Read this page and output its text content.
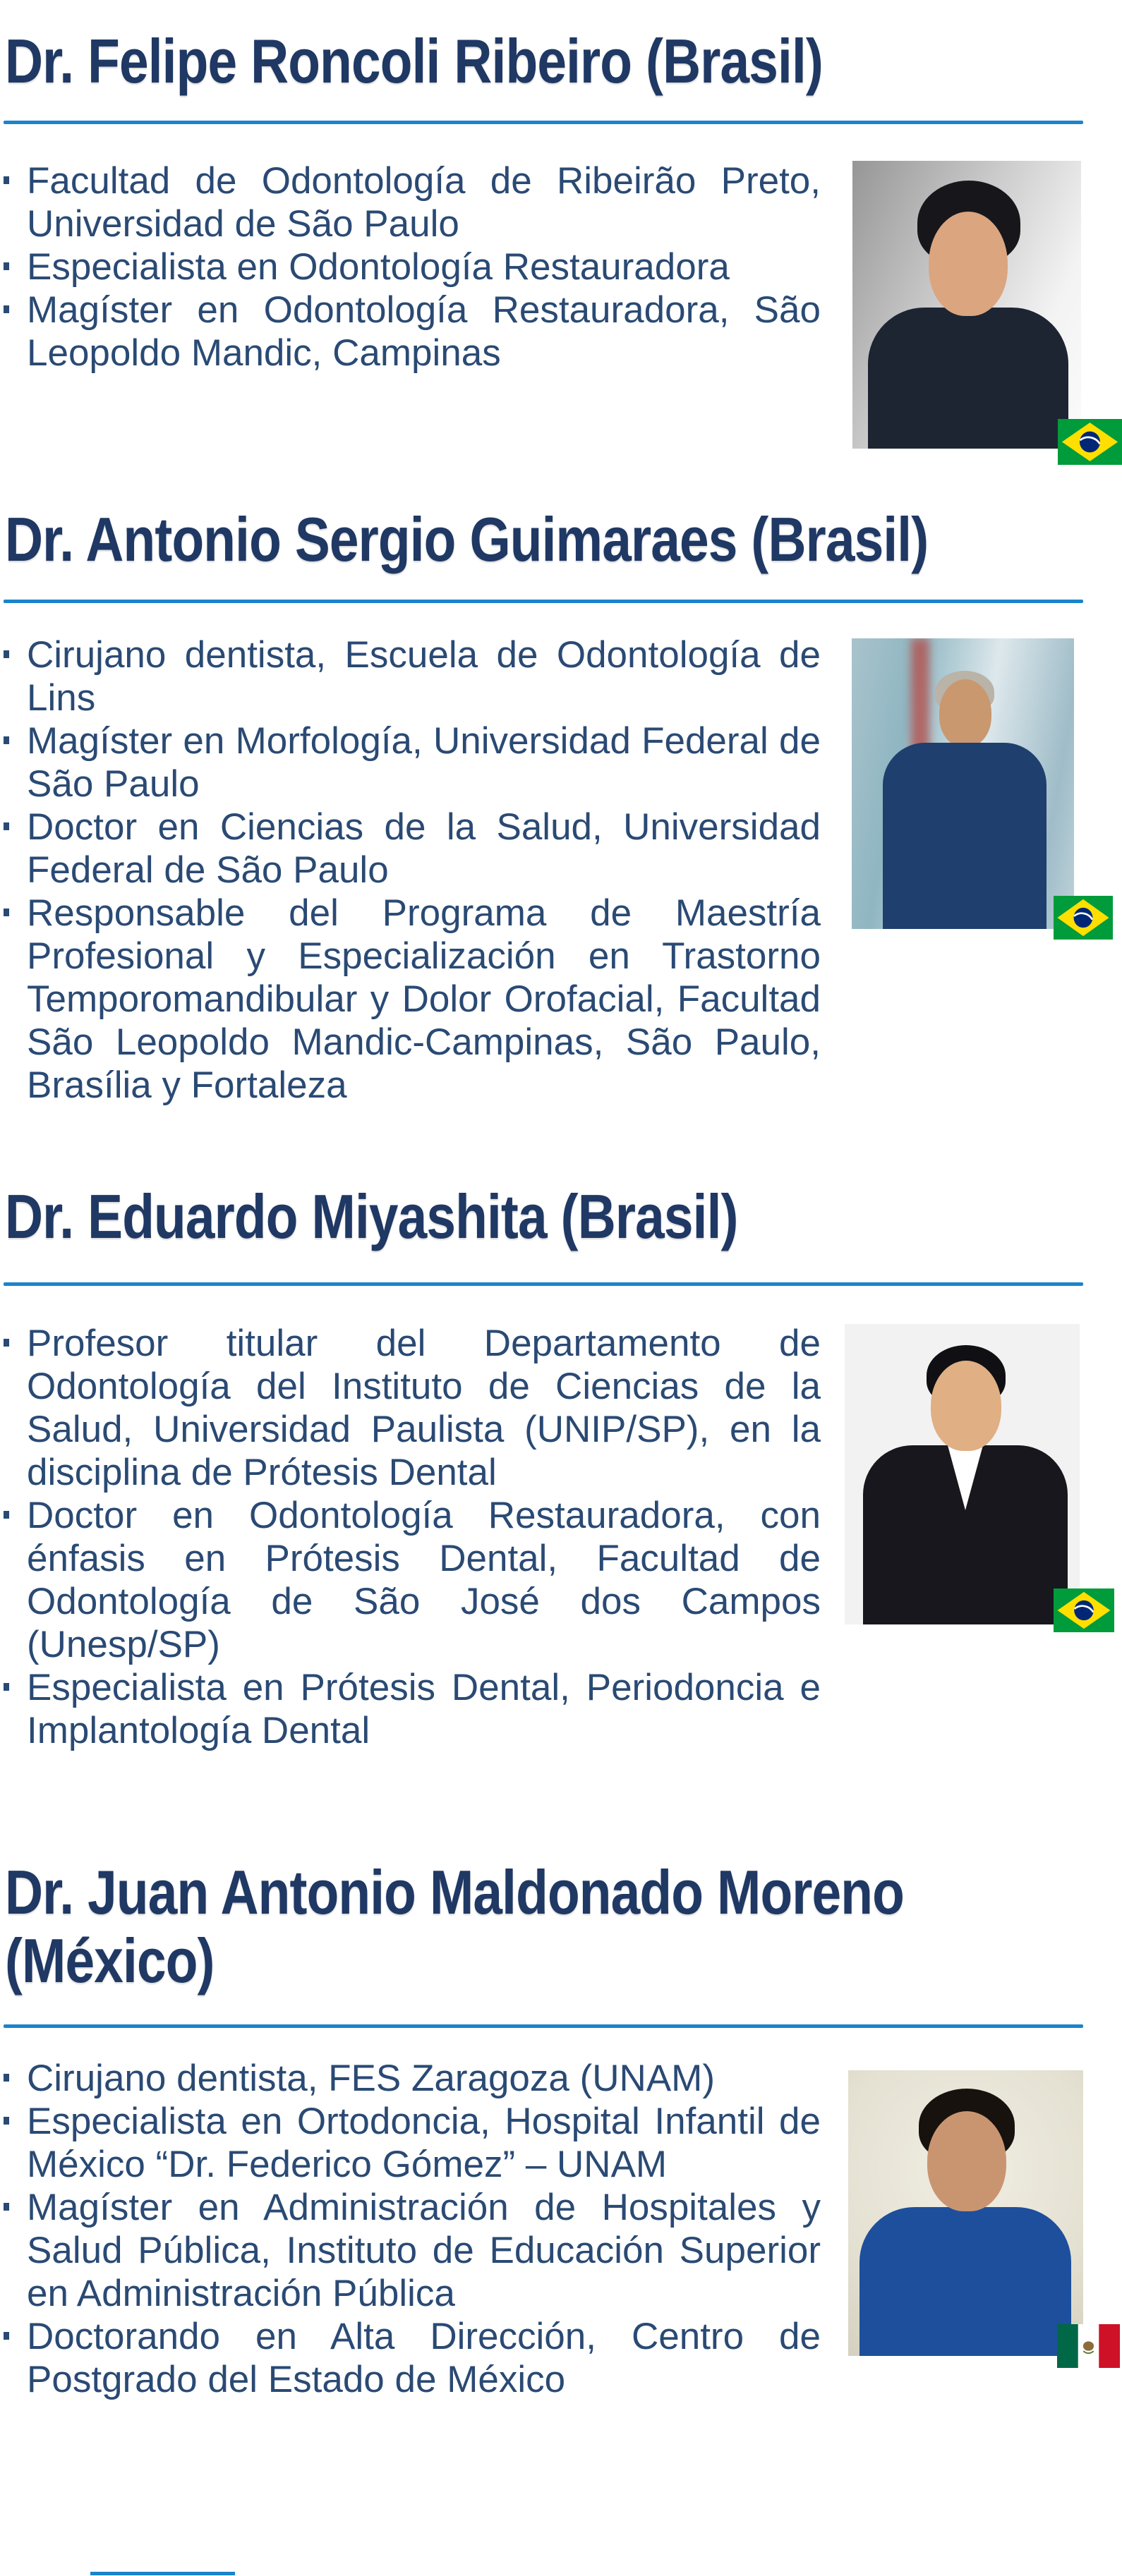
Dr. Felipe Roncoli Ribeiro (Brasil)
Facultad de Odontología de Ribeirão Preto, Universidad de São Paulo
Especialista en Odontología Restauradora
Magíster en Odontología Restauradora, São Leopoldo Mandic, Campinas
Dr. Antonio Sergio Guimaraes (Brasil)
Cirujano dentista, Escuela de Odontología de Lins
Magíster en Morfología, Universidad Federal de São Paulo
Doctor en Ciencias de la Salud, Universidad Federal de São Paulo
Responsable del Programa de Maestría Profesional y Especialización en Trastorno Temporomandibular y Dolor Orofacial, Facultad São Leopoldo Mandic-Campinas, São Paulo, Brasília y Fortaleza
Dr. Eduardo Miyashita (Brasil)
Profesor titular del Departamento de Odontología del Instituto de Ciencias de la Salud, Universidad Paulista (UNIP/SP), en la disciplina de Prótesis Dental
Doctor en Odontología Restauradora, con énfasis en Prótesis Dental, Facultad de Odontología de São José dos Campos (Unesp/SP)
Especialista en Prótesis Dental, Periodoncia e Implantología Dental
Dr. Juan Antonio Maldonado Moreno (México)
Cirujano dentista, FES Zaragoza (UNAM)
Especialista en Ortodoncia, Hospital Infantil de México “Dr. Federico Gómez” – UNAM
Magíster en Administración de Hospitales y Salud Pública, Instituto de Educación Superior en Administración Pública
Doctorando en Alta Dirección, Centro de Postgrado del Estado de México
